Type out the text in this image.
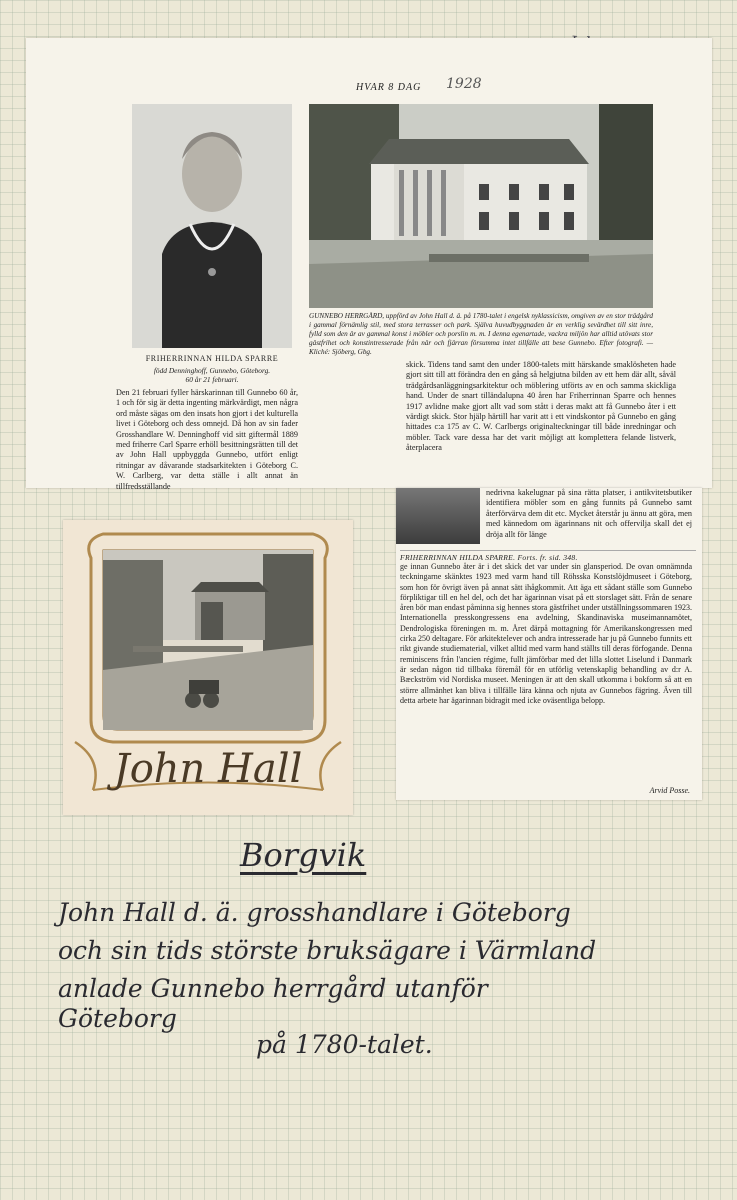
HVAR 8 DAG 1928
FRIHERRINNAN HILDA SPARRE
född Denninghoff, Gunnebo, Göteborg.
60 år 21 februari.
GUNNEBO HERRGÅRD, uppförd av John Hall d. ä. på 1780-talet i engelsk nyklassicism, omgiven av en stor trädgård i gammal förnämlig stil, med stora terrasser och park. Själva huvudbyggnaden är en verklig sevärdhet till sitt inre, fylld som den är av gammal konst i möbler och porslin m. m. I denna egenartade, vackra miljön har alltid utövats stor gästfrihet och konstintresserade från när och fjärran försumma intet tillfälle att bese Gunnebo. Efter fotografi. — Kliché: Sjöberg, Gbg.
Den 21 februari fyller härskarinnan till Gunnebo 60 år, 1 och för sig är detta ingenting märkvärdigt, men några ord måste sägas om den insats hon gjort i det kulturella livet i Göteborg och dess omnejd. Då hon av sin fader Grosshandlare W. Denninghoff vid sitt giftermål 1889 med friherre Carl Sparre erhöll besittningsrätten till det av John Hall uppbyggda Gunnebo, utfört enligt ritningar av dåvarande stadsarkitekten i Göteborg C. W. Carlberg, var detta ställe i allt annat än tillfredsställande
skick. Tidens tand samt den under 1800-talets mitt härskande smaklösheten hade gjort sitt till att förändra den en gång så helgjutna bilden av ett hem där allt, såväl trädgårdsanläggningsarkitektur och möblering utförts av en och samma skickliga hand. Under de snart tilländalupna 40 åren har Friherrinnan Sparre och hennes 1917 avlidne make gjort allt vad som stått i deras makt att få Gunnebo åter i ett värdigt skick. Stor hjälp härtill har varit att i ett vindskontor på Gunnebo en gång hittades c:a 175 av C. W. Carlbergs originalteckningar till både inredningar och möbler. Tack vare dessa har det varit möjligt att komplettera felande listverk, återplacera
nedrivna kakelugnar på sina rätta platser, i antikvitetsbutiker identifiera möbler som en gång funnits på Gunnebo samt återförvärva dem dit etc. Mycket återstår ju ännu att göra, men med kännedom om ägarinnans nit och offervilja skall det ej dröja allt för länge
FRIHERRINNAN HILDA SPARRE. Forts. fr. sid. 348.
ge innan Gunnebo åter är i det skick det var under sin glansperiod. De ovan omnämnda teckningarne skänktes 1923 med varm hand till Röhsska Konstslöjdmuseet i Göteborg, som hon för övrigt även på annat sätt ihågkommit. Att äga ett sådant ställe som Gunnebo förpliktigar till en hel del, och det har ägarinnan visat på ett storslaget sätt. Från de senare åren bör man endast påminna sig hennes stora gästfrihet under utställningssommaren 1923. Internationella presskongressens ena avdelning, Skandinaviska museimannamötet, Dendrologiska föreningen m. m. Året därpå mottagning för Amerikanskongressen med cirka 250 deltagare. För arkitektelever och andra intresserade har ju på Gunnebo funnits ett rikt givande studiematerial, vilket alltid med varm hand ställts till deras förfogande. Denna reminiscens från l'ancien régime, fullt jämförbar med det lilla slottet Liselund i Danmark är sedan någon tid tillbaka föremål för en utförlig vetenskaplig behandling av d:r A. Bæckström vid Nordiska museet. Meningen är att den skall utkomma i bokform så att en större allmänhet kan bliva i tillfälle lära känna och njuta av Gunnebos fägring. Även till detta arbete har ägarinnan bidragit med icke oväsentliga belopp.
Arvid Posse.
John Hall
Borgvik
John Hall d. ä. grosshandlare i Göteborg
och sin tids störste bruksägare i Värmland
anlade Gunnebo herrgård utanför
Göteborg
på 1780-talet.
